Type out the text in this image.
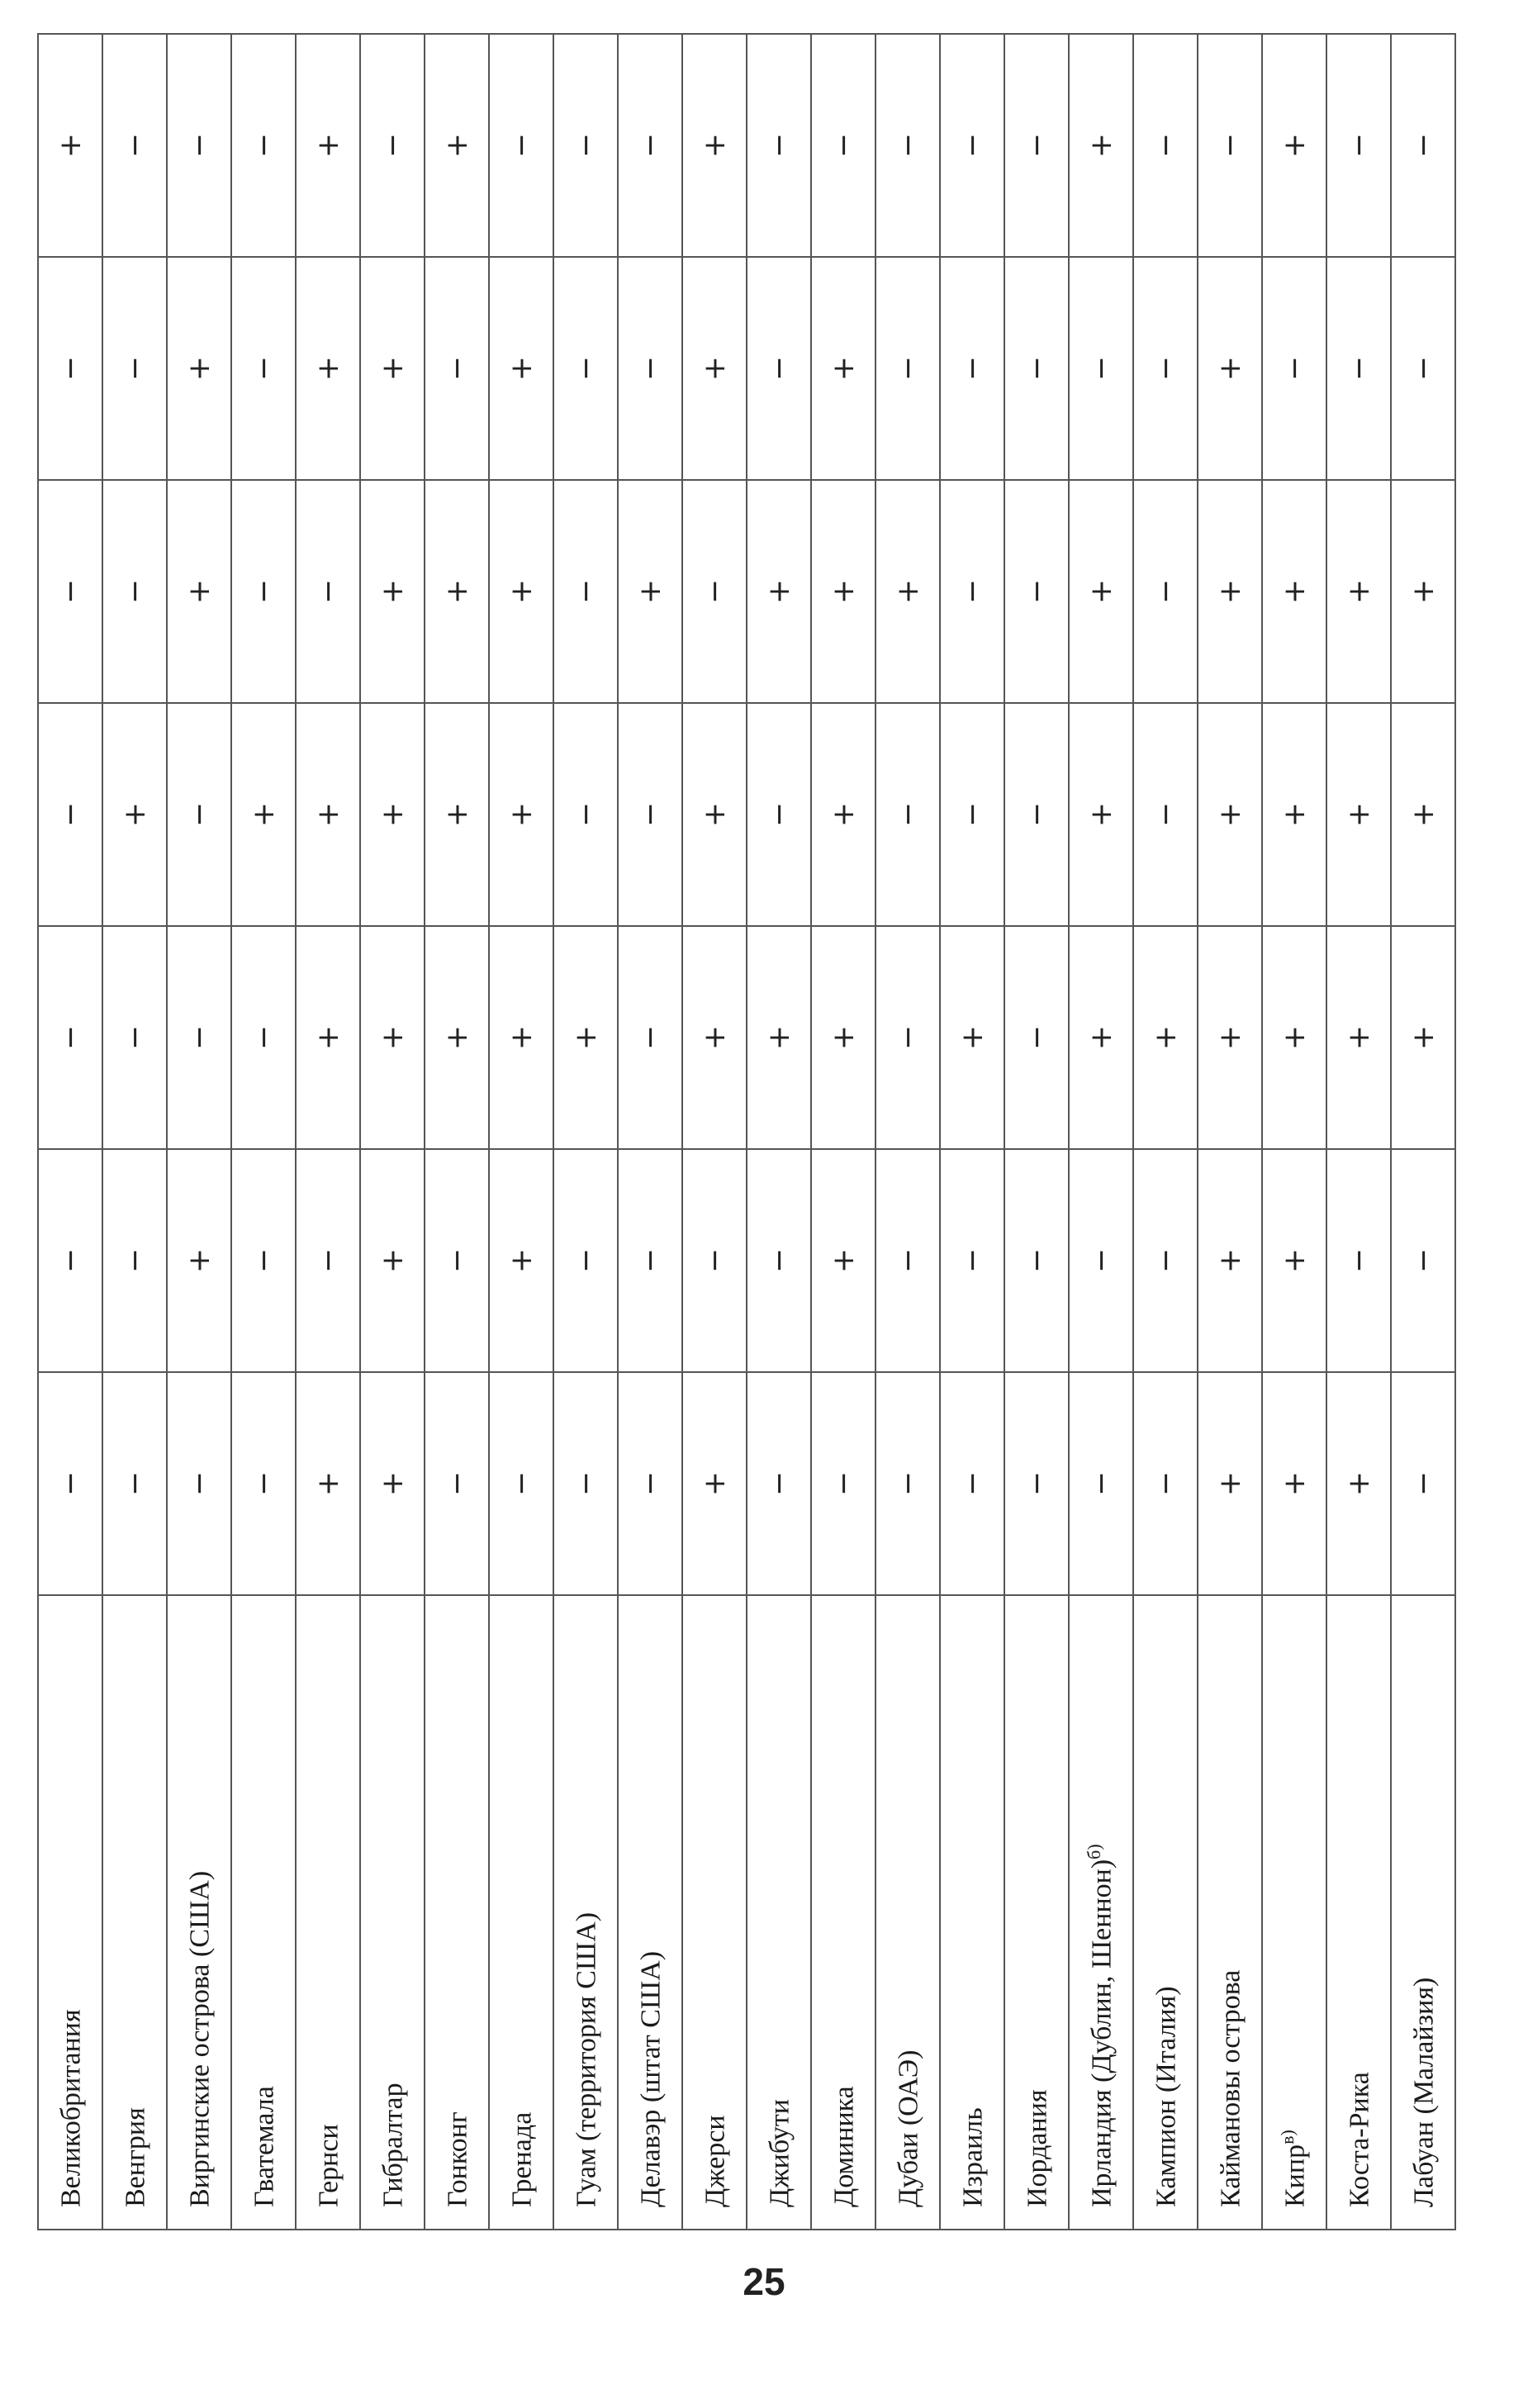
Великобритания	−	−	−	−	−	−	+
Венгрия	−	−	−	+	−	−	−
Виргинские острова (США)	−	+	−	−	+	+	−
Гватемала	−	−	−	+	−	−	−
Гернси	+	−	+	+	−	+	+
Гибралтар	+	+	+	+	+	+	−
Гонконг	−	−	+	+	+	−	+
Гренада	−	+	+	+	+	+	−
Гуам (территория США)	−	−	+	−	−	−	−
Делавэр (штат США)	−	−	−	−	+	−	−
Джерси	+	−	+	+	−	+	+
Джибути	−	−	+	−	+	−	−
Доминика	−	+	+	+	+	+	−
Дубаи (ОАЭ)	−	−	−	−	+	−	−
Израиль	−	−	+	−	−	−	−
Иордания	−	−	−	−	−	−	−
Ирландия (Дублин, Шеннон)$^{б)}$	−	−	+	+	+	−	+
Кампион (Италия)	−	−	+	−	−	−	−
Каймановы острова	+	+	+	+	+	+	−
Кипр$^{в)}$	+	+	+	+	+	−	+
Коста-Рика	+	−	+	+	+	−	−
Лабуан (Малайзия)	−	−	+	+	+	−	−
25
